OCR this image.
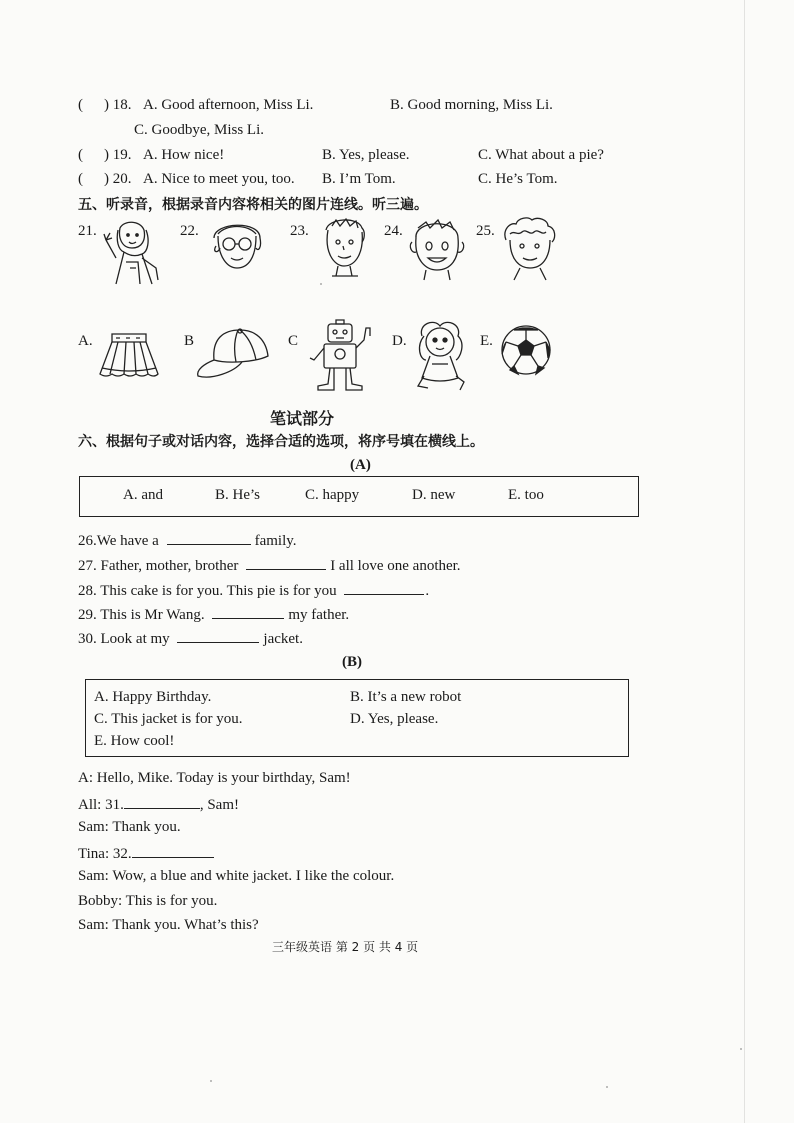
( ) 18. A. Good afternoon, Miss Li.	B. Good morning, Miss Li.
C. Goodbye, Miss Li.
( ) 19. A. How nice!	B. Yes, please.	C. What about a pie?
( ) 20. A. Nice to meet you, too. B. I’m Tom.	C. He’s Tom.
五、听录音，根据录音内容将相关的图片连线。听三遍。
21.	22.	23.	24.	25.
A.	B	C	D.	E.
笔试部分
六、根据句子或对话内容，选择合适的选项，将序号填在横线上。
(A)
A. and	B. He’s	C. happy	D. new	E. too
26.We have a	family.
27. Father, mother, brother	I all love one another.
28. This cake is for you. This pie is for you	.
29. This is Mr Wang.	my father.
30. Look at my	jacket.
(B)
A. Happy Birthday.	B. It’s a new robot
C. This jacket is for you.	D. Yes, please.
E. How cool!
A: Hello, Mike. Today is your birthday, Sam!
All: 31.	, Sam!
Sam: Thank you.
Tina: 32.
Sam: Wow, a blue and white jacket. I like the colour.
Bobby: This is for you.
Sam: Thank you. What’s this?
三年级英语 第 2 页 共 4 页
